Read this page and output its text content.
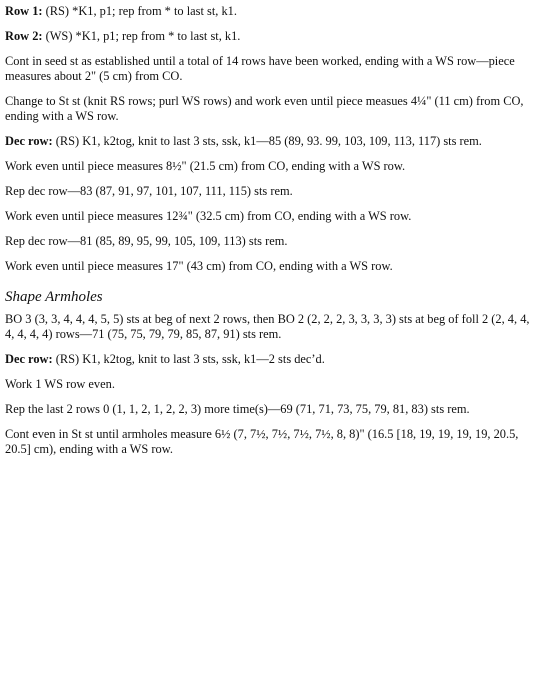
Row 1: (RS) *K1, p1; rep from * to last st, k1.

Row 2: (WS) *K1, p1; rep from * to last st, k1.

Cont in seed st as established until a total of 14 rows have been worked, ending with a WS row—piece measures about 2" (5 cm) from CO.

Change to St st (knit RS rows; purl WS rows) and work even until piece measues 4¼" (11 cm) from CO, ending with a WS row.

Dec row: (RS) K1, k2tog, knit to last 3 sts, ssk, k1—85 (89, 93. 99, 103, 109, 113, 117) sts rem.

Work even until piece measures 8½" (21.5 cm) from CO, ending with a WS row.

Rep dec row—83 (87, 91, 97, 101, 107, 111, 115) sts rem.

Work even until piece measures 12¾" (32.5 cm) from CO, ending with a WS row.

Rep dec row—81 (85, 89, 95, 99, 105, 109, 113) sts rem.

Work even until piece measures 17" (43 cm) from CO, ending with a WS row.

Shape Armholes

BO 3 (3, 3, 4, 4, 4, 5, 5) sts at beg of next 2 rows, then BO 2 (2, 2, 2, 3, 3, 3, 3) sts at beg of foll 2 (2, 4, 4, 4, 4, 4, 4) rows—71 (75, 75, 79, 79, 85, 87, 91) sts rem.

Dec row: (RS) K1, k2tog, knit to last 3 sts, ssk, k1—2 sts dec’d.

Work 1 WS row even.

Rep the last 2 rows 0 (1, 1, 2, 1, 2, 2, 3) more time(s)—69 (71, 71, 73, 75, 79, 81, 83) sts rem.

Cont even in St st until armholes measure 6½ (7, 7½, 7½, 7½, 7½, 8, 8)" (16.5 [18, 19, 19, 19, 19, 20.5, 20.5] cm), ending with a WS row.
